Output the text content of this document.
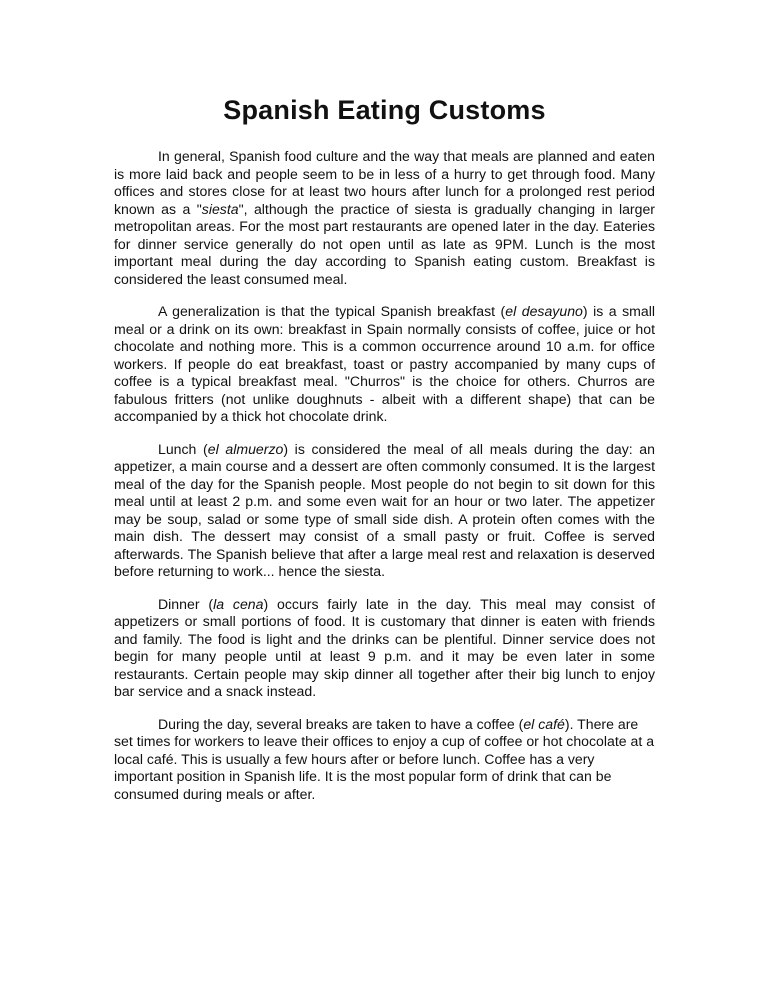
Spanish Eating Customs

In general, Spanish food culture and the way that meals are planned and eaten is more laid back and people seem to be in less of a hurry to get through food. Many offices and stores close for at least two hours after lunch for a prolonged rest period known as a "siesta", although the practice of siesta is gradually changing in larger metropolitan areas. For the most part restaurants are opened later in the day. Eateries for dinner service generally do not open until as late as 9PM. Lunch is the most important meal during the day according to Spanish eating custom. Breakfast is considered the least consumed meal.

A generalization is that the typical Spanish breakfast (el desayuno) is a small meal or a drink on its own: breakfast in Spain normally consists of coffee, juice or hot chocolate and nothing more. This is a common occurrence around 10 a.m. for office workers. If people do eat breakfast, toast or pastry accompanied by many cups of coffee is a typical breakfast meal. "Churros" is the choice for others. Churros are fabulous fritters (not unlike doughnuts - albeit with a different shape) that can be accompanied by a thick hot chocolate drink.

Lunch (el almuerzo) is considered the meal of all meals during the day: an appetizer, a main course and a dessert are often commonly consumed. It is the largest meal of the day for the Spanish people. Most people do not begin to sit down for this meal until at least 2 p.m. and some even wait for an hour or two later. The appetizer may be soup, salad or some type of small side dish. A protein often comes with the main dish. The dessert may consist of a small pasty or fruit. Coffee is served afterwards. The Spanish believe that after a large meal rest and relaxation is deserved before returning to work... hence the siesta.

Dinner (la cena) occurs fairly late in the day. This meal may consist of appetizers or small portions of food. It is customary that dinner is eaten with friends and family. The food is light and the drinks can be plentiful. Dinner service does not begin for many people until at least 9 p.m. and it may be even later in some restaurants. Certain people may skip dinner all together after their big lunch to enjoy bar service and a snack instead.

During the day, several breaks are taken to have a coffee (el café). There are set times for workers to leave their offices to enjoy a cup of coffee or hot chocolate at a local café. This is usually a few hours after or before lunch. Coffee has a very important position in Spanish life. It is the most popular form of drink that can be consumed during meals or after.
